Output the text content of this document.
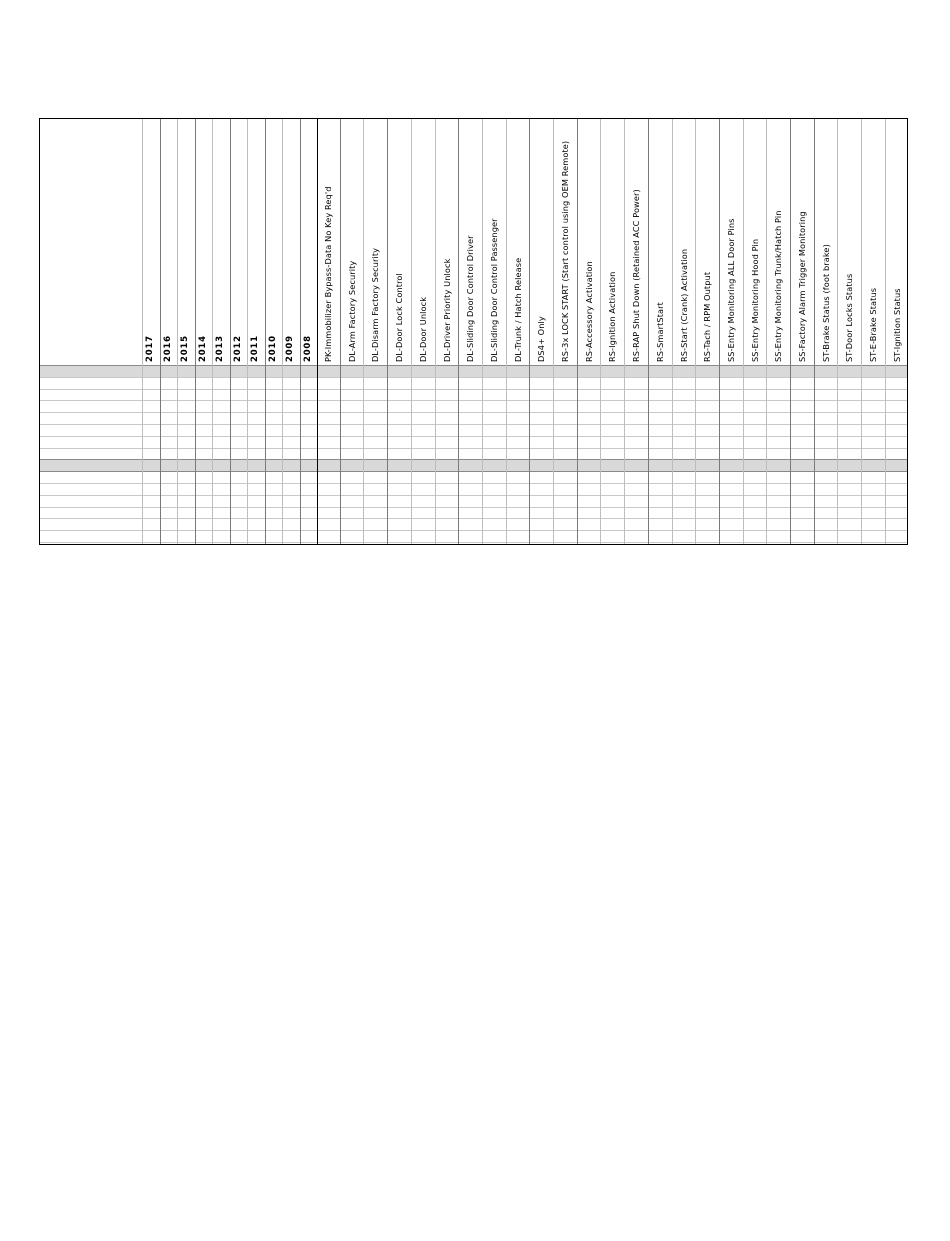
2017 2016 2015 2014 2013 2012 2011 2010 2009 2008 PK-Immobilizer Bypass-Data No Key Req'd DL-Arm Factory Security DL-Disarm Factory Security DL-Door Lock Control DL-Door Unlock DL-Driver Priority Unlock DL-Sliding Door Control Driver DL-Sliding Door Control Passenger DL-Trunk / Hatch Release DS4+ Only RS-3x LOCK START (Start control using OEM Remote) RS-Accessory Activation RS-Ignition Activation RS-RAP Shut Down (Retained ACC Power) RS-SmartStart RS-Start (Crank) Activation RS-Tach / RPM Output SS-Entry Monitoring ALL Door Pins SS-Entry Monitoring Hood Pin SS-Entry Monitoring Trunk/Hatch Pin SS-Factory Alarm Trigger Monitoring ST-Brake Status (foot brake) ST-Door Locks Status ST-E-Brake Status ST-Ignition Status
